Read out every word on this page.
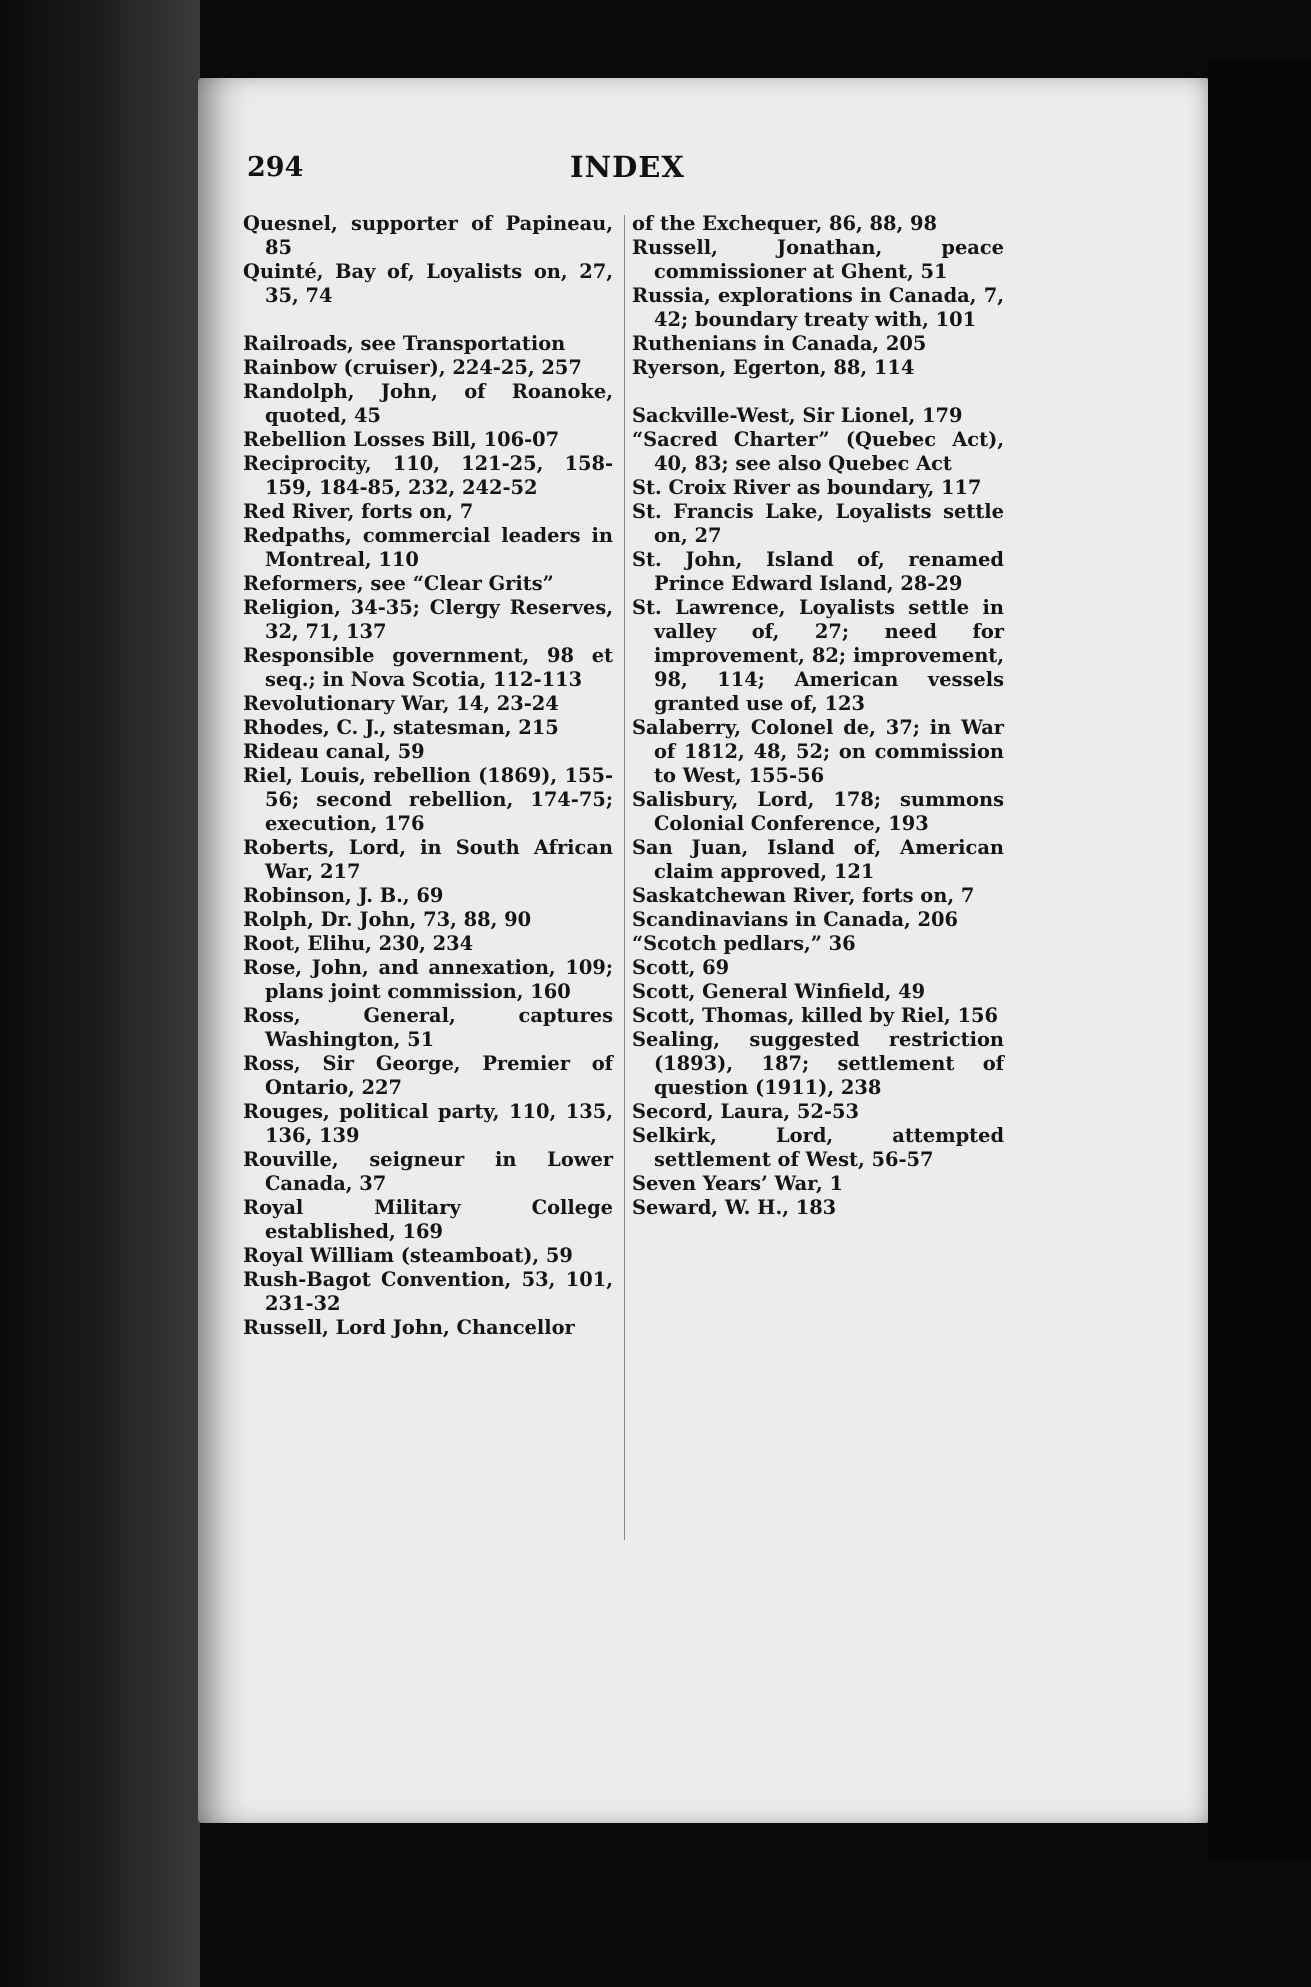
294	INDEX

Quesnel, supporter of Papineau, 85

Quinté, Bay of, Loyalists on, 27, 35, 74

Railroads, see Transportation

Rainbow (cruiser), 224-25, 257

Randolph, John, of Roanoke, quoted, 45

Rebellion Losses Bill, 106-07

Reciprocity, 110, 121-25, 158-159, 184-85, 232, 242-52

Red River, forts on, 7

Redpaths, commercial leaders in Montreal, 110

Reformers, see “Clear Grits”

Religion, 34-35; Clergy Reserves, 32, 71, 137

Responsible government, 98 et seq.; in Nova Scotia, 112-113

Revolutionary War, 14, 23-24

Rhodes, C. J., statesman, 215

Rideau canal, 59

Riel, Louis, rebellion (1869), 155-56; second rebellion, 174-75; execution, 176

Roberts, Lord, in South African War, 217

Robinson, J. B., 69

Rolph, Dr. John, 73, 88, 90

Root, Elihu, 230, 234

Rose, John, and annexation, 109; plans joint commission, 160

Ross, General, captures Washington, 51

Ross, Sir George, Premier of Ontario, 227

Rouges, political party, 110, 135, 136, 139

Rouville, seigneur in Lower Canada, 37

Royal Military College established, 169

Royal William (steamboat), 59

Rush-Bagot Convention, 53, 101, 231-32

Russell, Lord John, Chancellor

of the Exchequer, 86, 88, 98

Russell, Jonathan, peace commissioner at Ghent, 51

Russia, explorations in Canada, 7, 42; boundary treaty with, 101

Ruthenians in Canada, 205

Ryerson, Egerton, 88, 114

Sackville-West, Sir Lionel, 179

“Sacred Charter” (Quebec Act), 40, 83; see also Quebec Act

St. Croix River as boundary, 117

St. Francis Lake, Loyalists settle on, 27

St. John, Island of, renamed Prince Edward Island, 28-29

St. Lawrence, Loyalists settle in valley of, 27; need for improvement, 82; improvement, 98, 114; American vessels granted use of, 123

Salaberry, Colonel de, 37; in War of 1812, 48, 52; on commission to West, 155-56

Salisbury, Lord, 178; summons Colonial Conference, 193

San Juan, Island of, American claim approved, 121

Saskatchewan River, forts on, 7

Scandinavians in Canada, 206

“Scotch pedlars,” 36

Scott, 69

Scott, General Winfield, 49

Scott, Thomas, killed by Riel, 156

Sealing, suggested restriction (1893), 187; settlement of question (1911), 238

Secord, Laura, 52-53

Selkirk, Lord, attempted settlement of West, 56-57

Seven Years’ War, 1

Seward, W. H., 183
